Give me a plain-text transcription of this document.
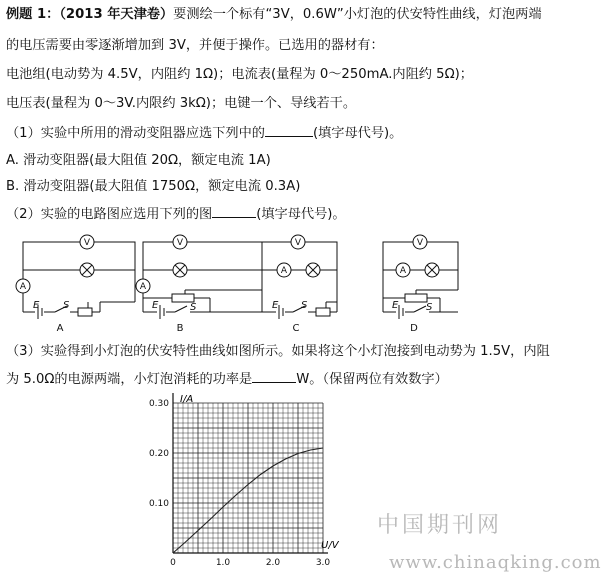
例题 1：（2013 年天津卷）要测绘一个标有“3V，0.6W”小灯泡的伏安特性曲线，灯泡两端
的电压需要由零逐渐增加到 3V，并便于操作。已选用的器材有：
电池组(电动势为 4.5V，内阻约 1Ω)；电流表(量程为 0～250mA.内阻约 5Ω)；
电压表(量程为 0～3V.内限约 3kΩ)；电键一个、导线若干。
（1）实验中所用的滑动变阻器应选下列中的	(填字母代号)。
A. 滑动变阻器(最大阻值 20Ω，额定电流 1A)
B. 滑动变阻器(最大阻值 1750Ω，额定电流 0.3A)
（2）实验的电路图应选用下列的图	(填字母代号)。
（3）实验得到小灯泡的伏安特性曲线如图所示。如果将这个小灯泡接到电动势为 1.5V，内阻
为 5.0Ω的电源两端，小灯泡消耗的功率是	W。（保留两位有效数字）
V
A
V
A
V
A
V
A
E S	E	S	E S	E	S
A	B	C	D
0	1.0	2.0	3.0
0.10
0.20
0.30 I/A
U/V
中国期刊网
www.chinaqking.com
